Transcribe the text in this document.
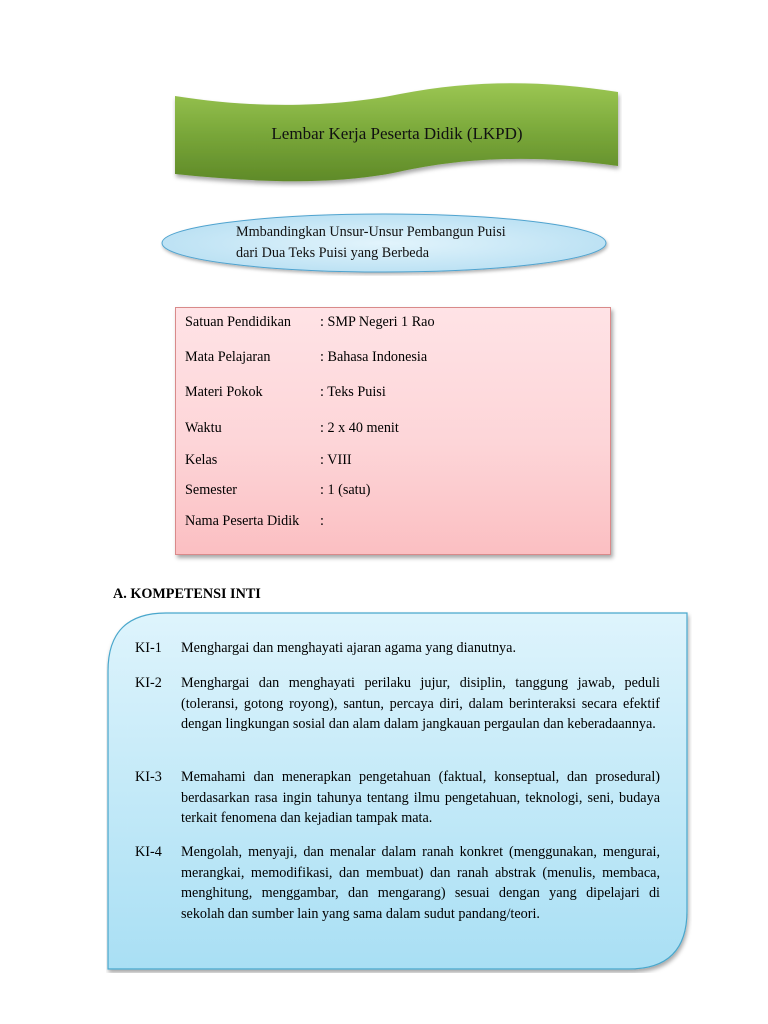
Lembar Kerja Peserta Didik (LKPD)
Mmbandingkan Unsur-Unsur Pembangun Puisi
dari Dua Teks Puisi yang Berbeda
Satuan Pendidikan : SMP Negeri 1 Rao
Mata Pelajaran	: Bahasa Indonesia
Materi Pokok	: Teks Puisi
Waktu	: 2 x 40 menit
Kelas	: VIII
Semester	: 1 (satu)
Nama Peserta Didik :
A. KOMPETENSI INTI
KI-1 Menghargai dan menghayati ajaran agama yang dianutnya.
KI-2 Menghargai dan menghayati perilaku jujur, disiplin, tanggung jawab, peduli (toleransi, gotong royong), santun, percaya diri, dalam berinteraksi secara efektif dengan lingkungan sosial dan alam dalam jangkauan pergaulan dan keberadaannya.
KI-3 Memahami dan menerapkan pengetahuan (faktual, konseptual, dan prosedural) berdasarkan rasa ingin tahunya tentang ilmu pengetahuan, teknologi, seni, budaya terkait fenomena dan kejadian tampak mata.
KI-4 Mengolah, menyaji, dan menalar dalam ranah konkret (menggunakan, mengurai, merangkai, memodifikasi, dan membuat) dan ranah abstrak (menulis, membaca, menghitung, menggambar, dan mengarang) sesuai dengan yang dipelajari di sekolah dan sumber lain yang sama dalam sudut pandang/teori.
